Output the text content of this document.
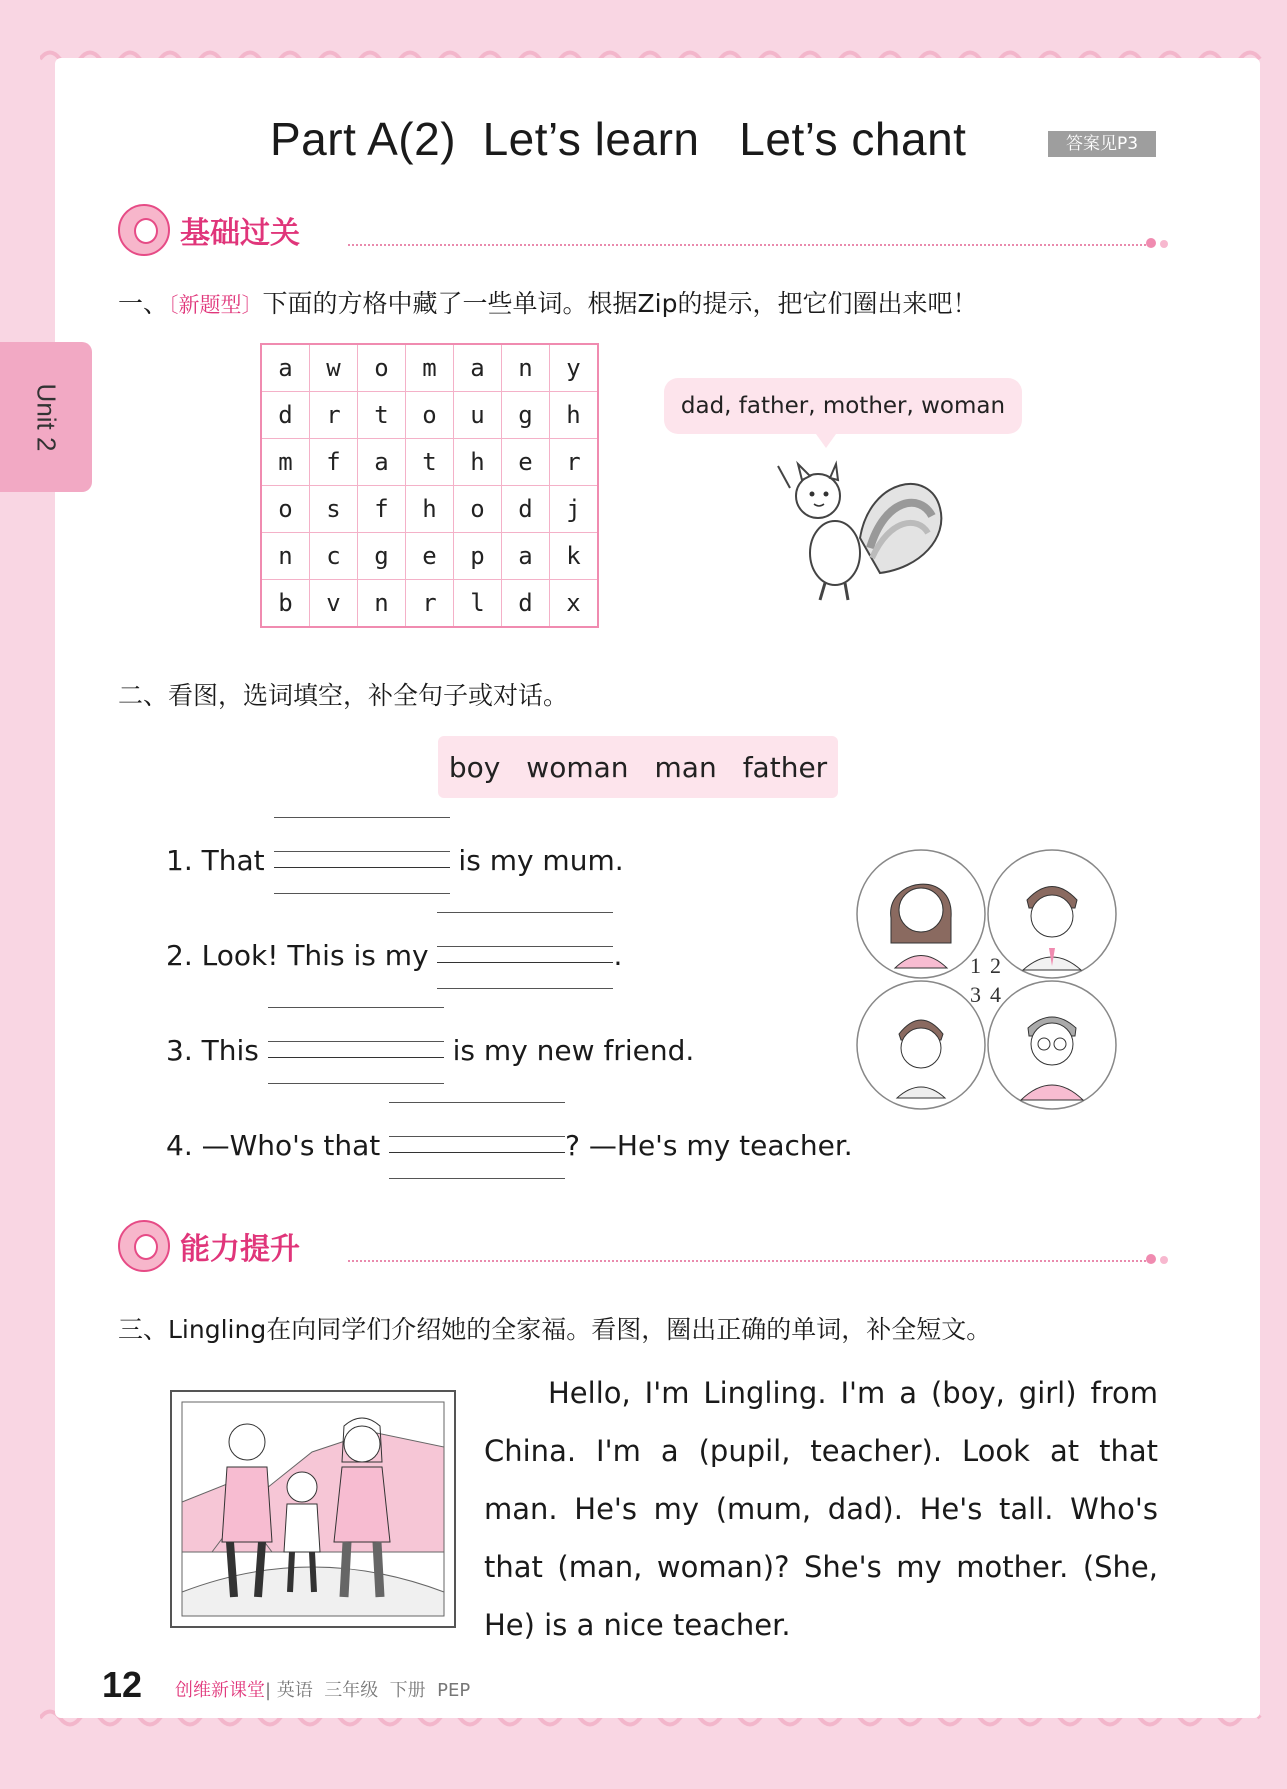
Unit 2
Part A(2)  Let’s learn   Let’s chant	答案见P3
基础过关
一、〔新题型〕下面的方格中藏了一些单词。根据Zip的提示，把它们圈出来吧！
a	w	o	m	a	n	y
d	r	t	o	u	g	h
m	f	a	t	h	e	r
o	s	f	h	o	d	j
n	c	g	e	p	a	k
b	v	n	r	l	d	x
dad, father, mother, woman
二、看图，选词填空，补全句子或对话。
boy woman man father
1. That	is my mum.
2. Look! This is my	.
3. This	is my new friend.
4. —Who's that	? —He's my teacher.
1 2
3 4
能力提升
三、Lingling在向同学们介绍她的全家福。看图，圈出正确的单词，补全短文。

Hello, I'm Lingling. I'm a (boy, girl) from China. I'm a (pupil, teacher). Look at that man. He's my (mum, dad). He's tall. Who's that (man, woman)? She's my mother. (She, He) is a nice teacher.

12 创维新课堂| 英语  三年级  下册  PEP
